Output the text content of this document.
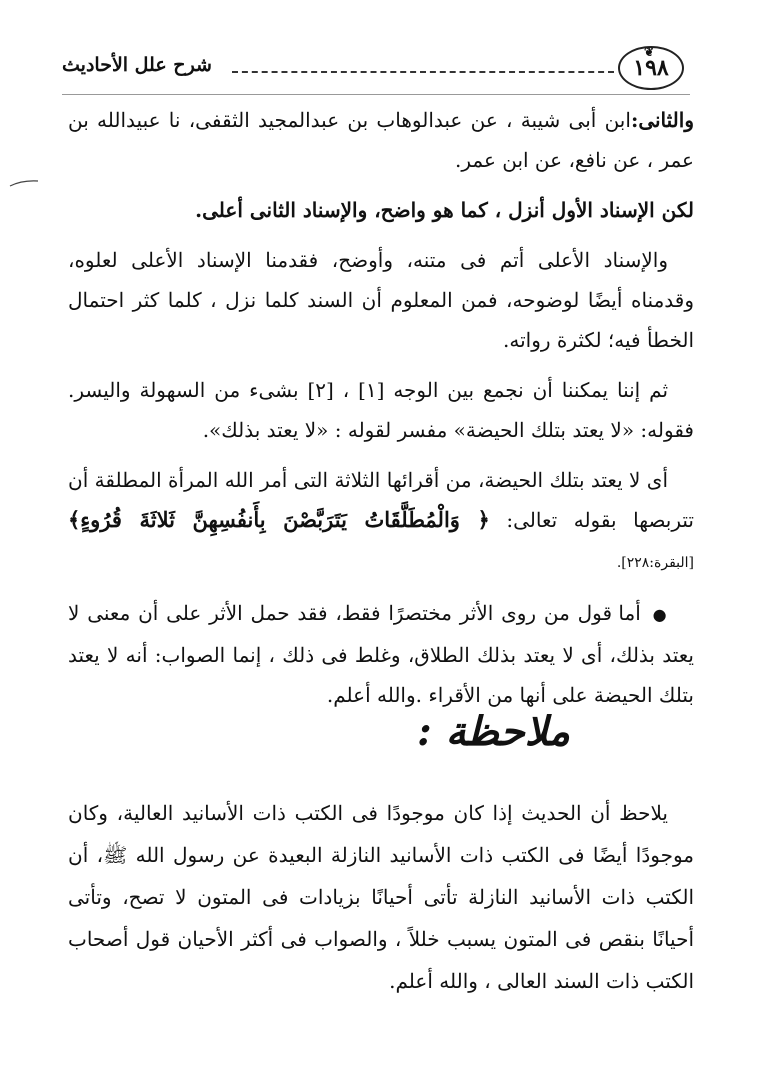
❦
١٩٨
شرح علل الأحاديث

والثانى:ابن أبى شيبة ، عن عبدالوهاب بن عبدالمجيد الثقفى، نا عبيدالله بن عمر ، عن نافع، عن ابن عمر.

لكن الإسناد الأول أنزل ، كما هو واضح، والإسناد الثانى أعلى.

والإسناد الأعلى أتم فى متنه، وأوضح، فقدمنا الإسناد الأعلى لعلوه، وقدمناه أيضًا لوضوحه، فمن المعلوم أن السند كلما نزل ، كلما كثر احتمال الخطأ فيه؛ لكثرة رواته.

ثم إننا يمكننا أن نجمع بين الوجه [١] ، [٢] بشىء من السهولة واليسر. فقوله: «لا يعتد بتلك الحيضة» مفسر لقوله : «لا يعتد بذلك».

أى لا يعتد بتلك الحيضة، من أقرائها الثلاثة التى أمر الله المرأة المطلقة أن تتربصها بقوله تعالى: ﴿ وَالْمُطَلَّقَاتُ يَتَرَبَّصْنَ بِأَنفُسِهِنَّ ثَلاثَةَ قُرُوءٍ﴾ [البقرة:٢٢٨].

● أما قول من روى الأثر مختصرًا فقط، فقد حمل الأثر على أن معنى لا يعتد بذلك، أى لا يعتد بذلك الطلاق، وغلط فى ذلك ، إنما الصواب: أنه لا يعتد بتلك الحيضة على أنها من الأقراء .والله أعلم.

ملاحظة :
يلاحظ أن الحديث إذا كان موجودًا فى الكتب ذات الأسانيد العالية، وكان موجودًا أيضًا فى الكتب ذات الأسانيد النازلة البعيدة عن رسول الله ﷺ، أن الكتب ذات الأسانيد النازلة تأتى أحيانًا بزيادات فى المتون لا تصح، وتأتى أحيانًا بنقص فى المتون يسبب خللاً ، والصواب فى أكثر الأحيان قول أصحاب الكتب ذات السند العالى ، والله أعلم.
